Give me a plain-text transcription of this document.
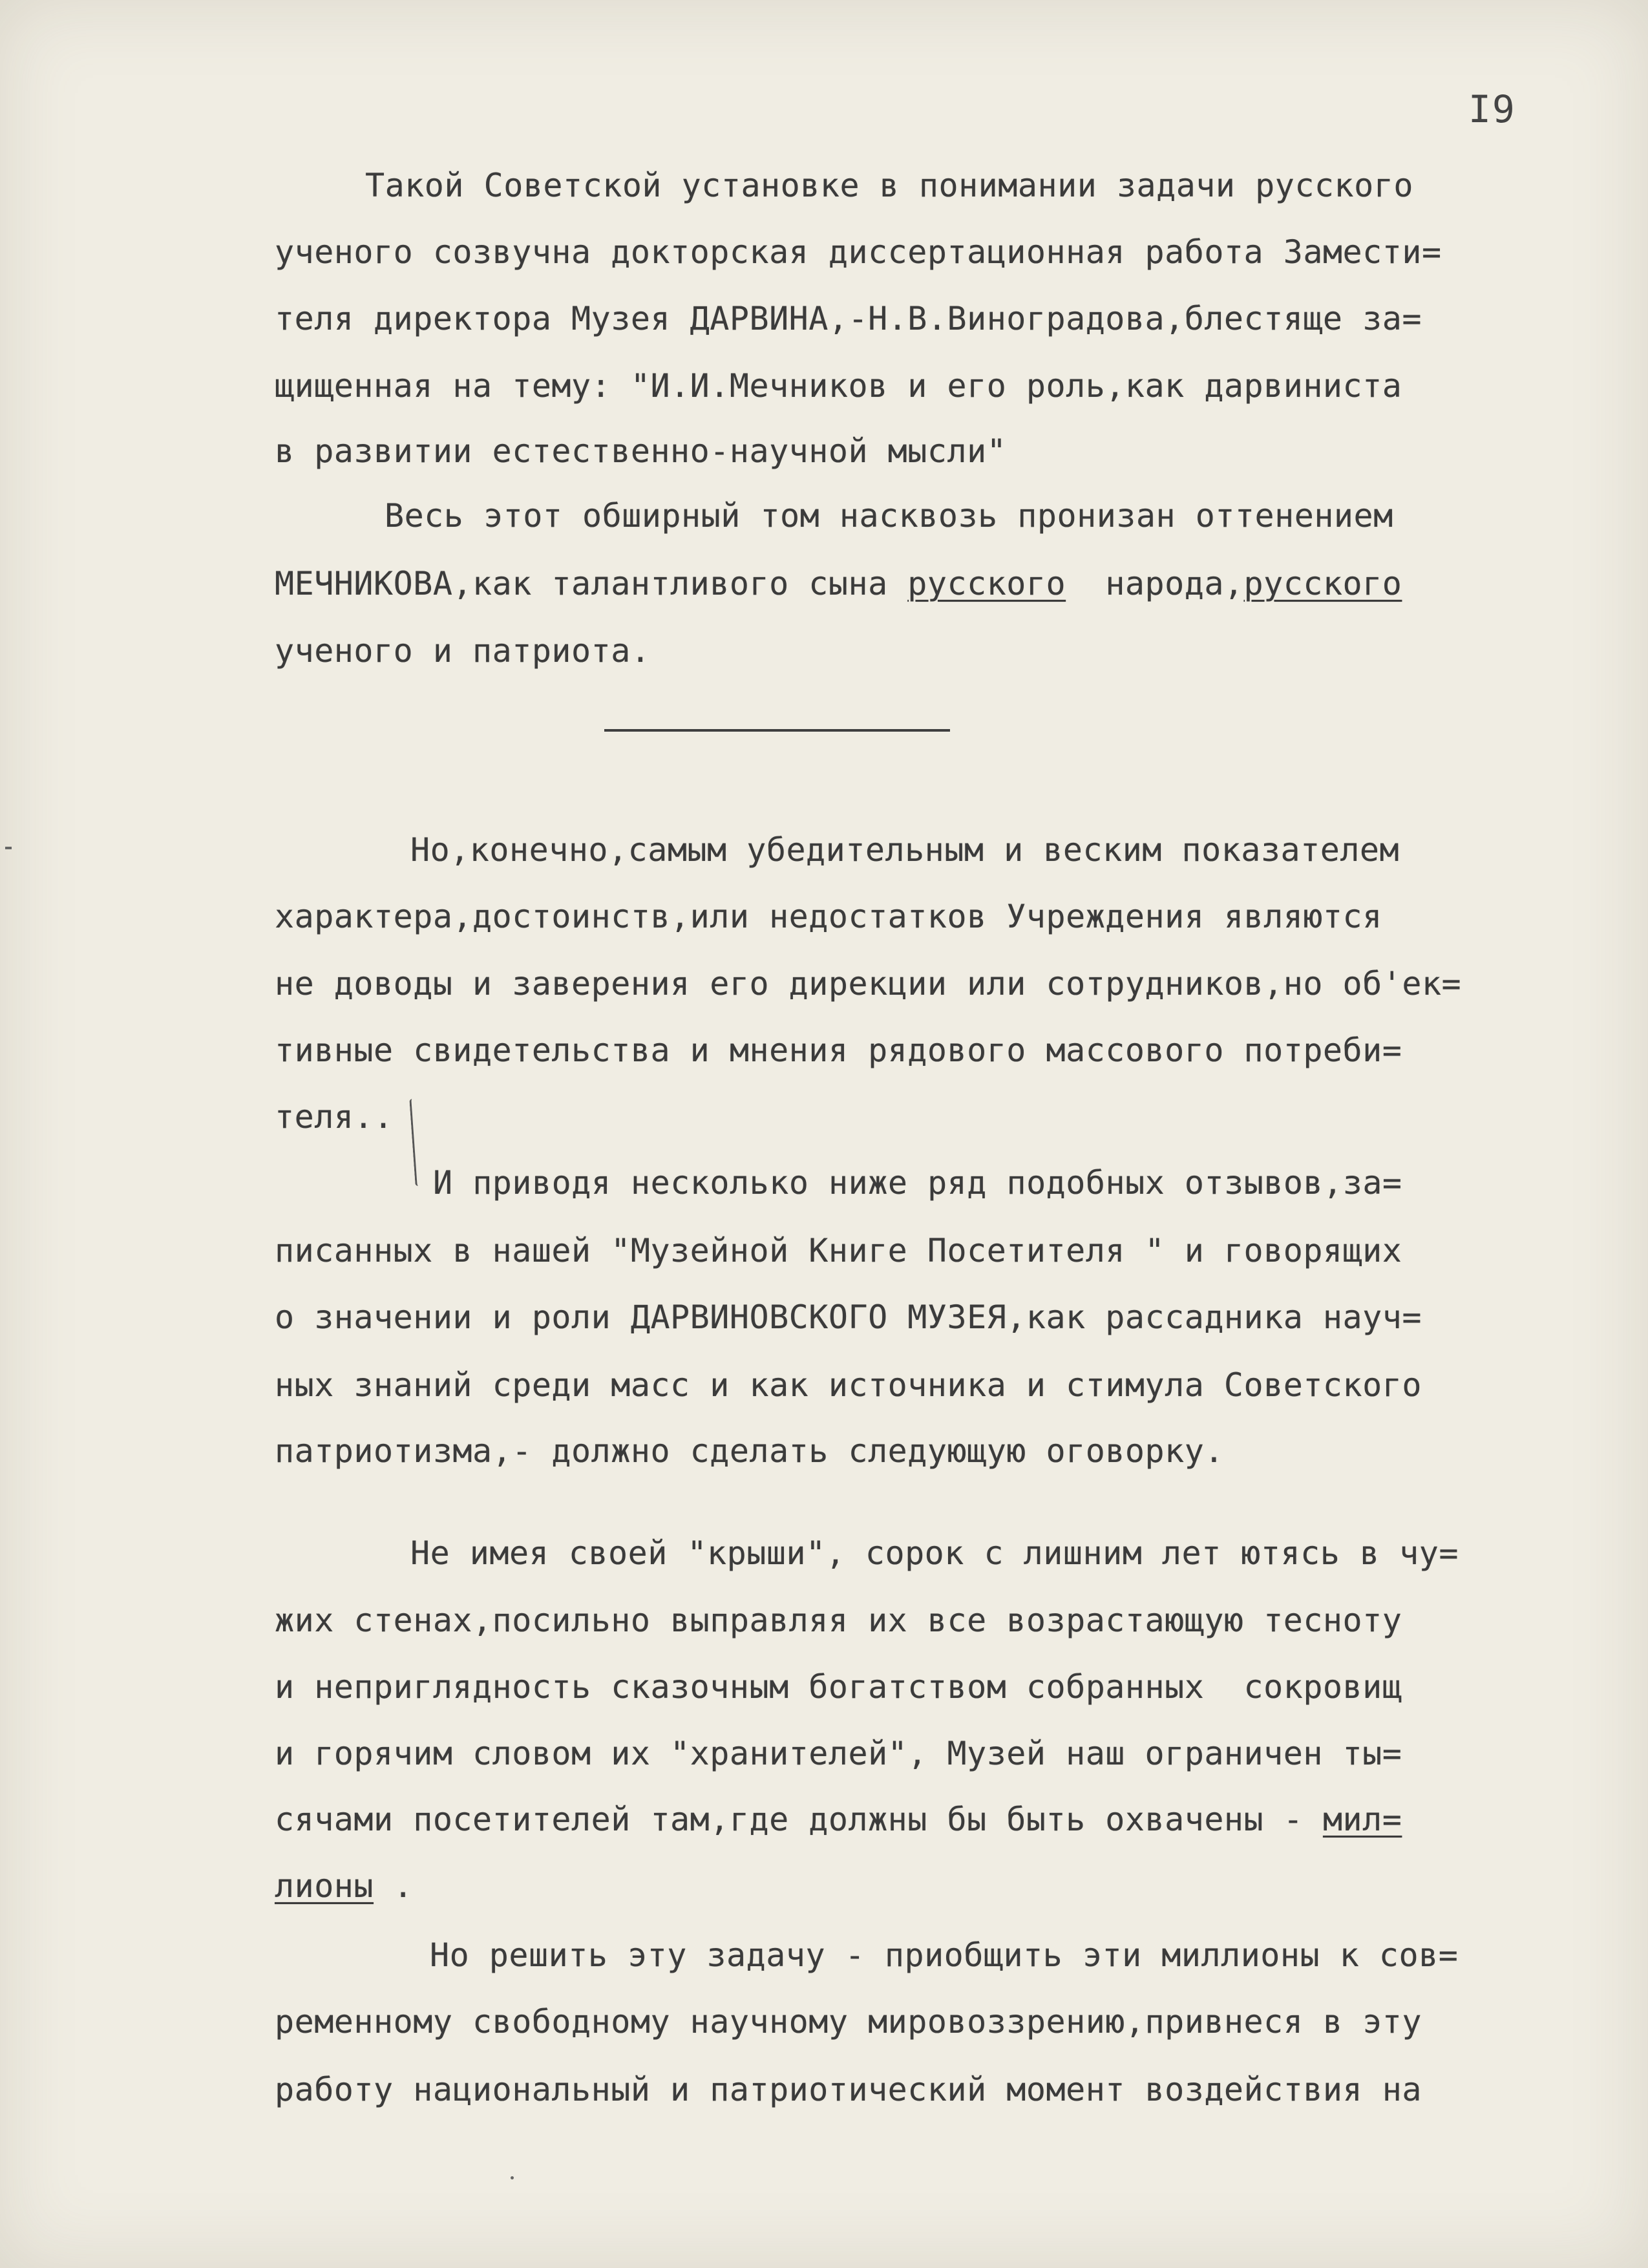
I9
Такой Советской установке в понимании задачи русского
ученого созвучна докторская диссертационная работа Замести=
теля директора Музея ДАРВИНА,-Н.В.Виноградова,блестяще за=
щищенная на тему: "И.И.Мечников и его роль,как дарвиниста
в развитии естественно-научной мысли"
Весь этот обширный том насквозь пронизан оттенением
МЕЧНИКОВА,как талантливого сына русского  народа,русского
ученого и патриота.
Но,конечно,самым убедительным и веским показателем
характера,достоинств,или недостатков Учреждения являются
не доводы и заверения его дирекции или сотрудников,но об'ек=
тивные свидетельства и мнения рядового массового потреби=
теля..
И приводя несколько ниже ряд подобных отзывов,за=
писанных в нашей "Музейной Книге Посетителя " и говорящих
о значении и роли ДАРВИНОВСКОГО МУЗЕЯ,как рассадника науч=
ных знаний среди масс и как источника и стимула Советского
патриотизма,- должно сделать следующую оговорку.
Не имея своей "крыши", сорок с лишним лет ютясь в чу=
жих стенах,посильно выправляя их все возрастающую тесноту
и неприглядность сказочным богатством собранных  сокровищ
и горячим словом их "хранителей", Музей наш ограничен ты=
сячами посетителей там,где должны бы быть охвачены - мил=
лионы .
Но решить эту задачу - приобщить эти миллионы к сов=
ременному свободному научному мировоззрению,привнеся в эту
работу национальный и патриотический момент воздействия на
